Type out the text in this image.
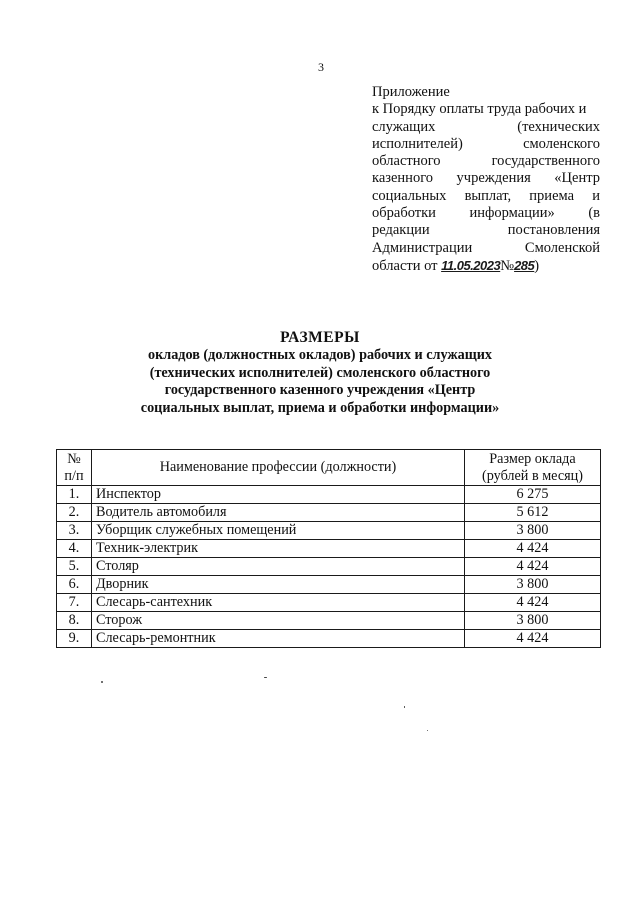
3
Приложение
к Порядку оплаты труда рабочих и
служащих (технических
исполнителей) смоленского
областного государственного
казенного учреждения «Центр
социальных выплат, приема и
обработки информации» (в
редакции постановления
Администрации Смоленской
области от 11.05.2023№285)
РАЗМЕРЫ
окладов (должностных окладов) рабочих и служащих
(технических исполнителей) смоленского областного
государственного казенного учреждения «Центр
социальных выплат, приема и обработки информации»
№ п/п	Наименование профессии (должности)	Размер оклада (рублей в месяц)
1.	Инспектор	6 275
2.	Водитель автомобиля	5 612
3.	Уборщик служебных помещений	3 800
4.	Техник-электрик	4 424
5.	Столяр	4 424
6.	Дворник	3 800
7.	Слесарь-сантехник	4 424
8.	Сторож	3 800
9.	Слесарь-ремонтник	4 424
